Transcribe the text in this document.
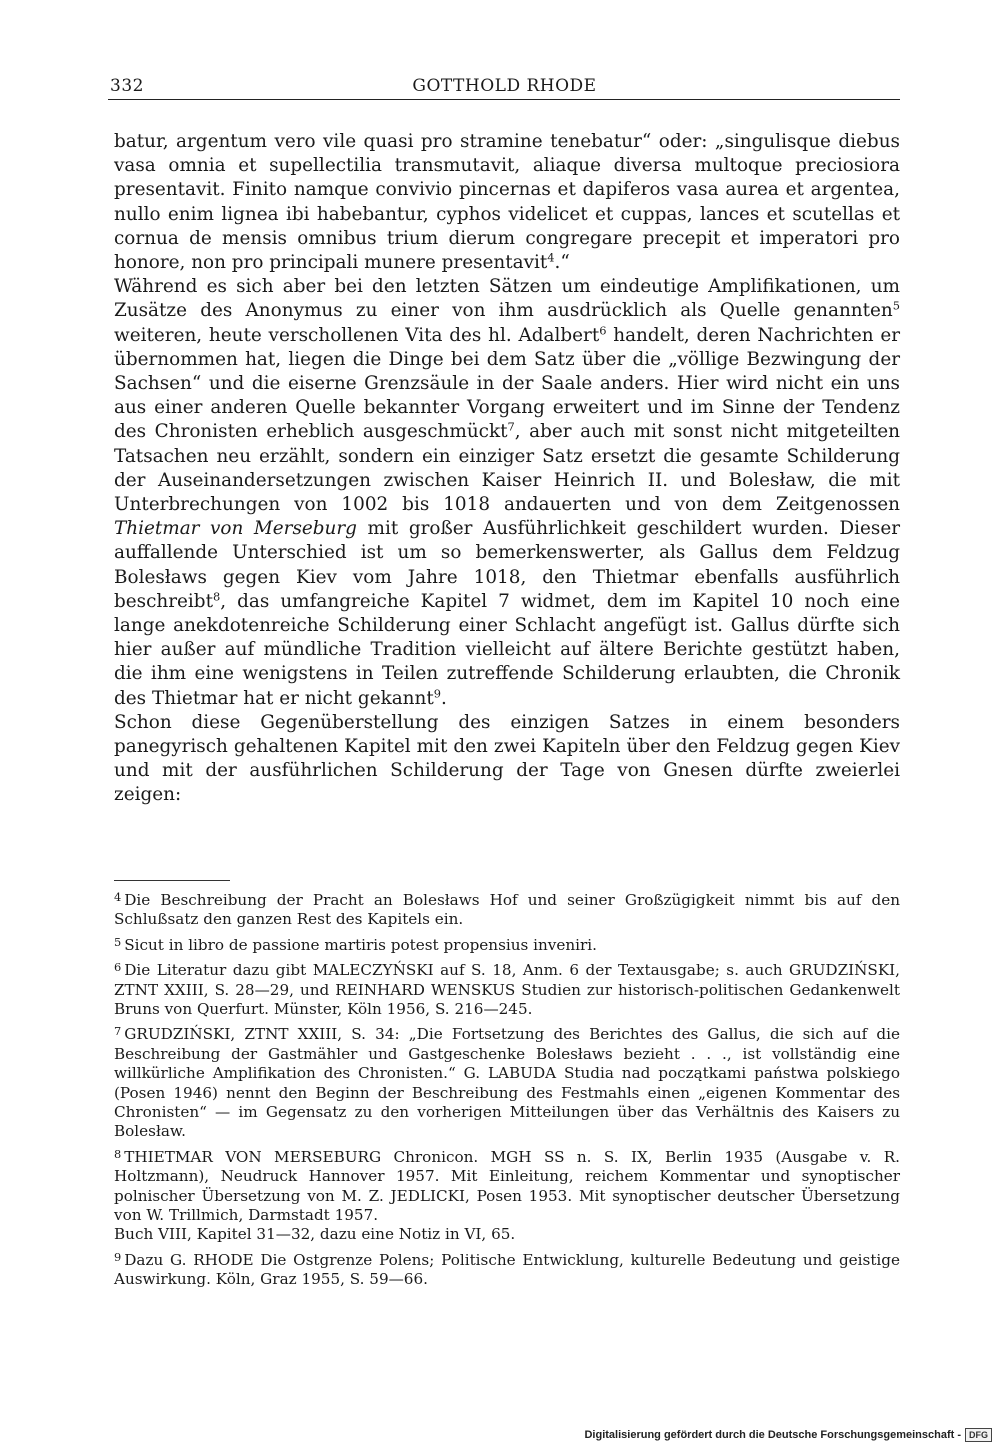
332	GOTTHOLD RHODE

batur, argentum vero vile quasi pro stramine tenebatur“ oder: „singulisque diebus vasa omnia et supellectilia transmutavit, aliaque diversa multoque preciosiora presentavit. Finito namque convivio pincernas et dapiferos vasa aurea et argentea, nullo enim lignea ibi habebantur, cyphos videlicet et cuppas, lances et scutellas et cornua de mensis omnibus trium dierum congregare precepit et imperatori pro honore, non pro principali munere presentavit$^4$.“

Während es sich aber bei den letzten Sätzen um eindeutige Amplifikationen, um Zusätze des Anonymus zu einer von ihm ausdrücklich als Quelle genannten$^5$ weiteren, heute verschollenen Vita des hl. Adalbert$^6$ handelt, deren Nachrichten er übernommen hat, liegen die Dinge bei dem Satz über die „völlige Bezwingung der Sachsen“ und die eiserne Grenzsäule in der Saale anders. Hier wird nicht ein uns aus einer anderen Quelle bekannter Vorgang erweitert und im Sinne der Tendenz des Chronisten erheblich ausgeschmückt$^7$, aber auch mit sonst nicht mitgeteilten Tatsachen neu erzählt, sondern ein einziger Satz ersetzt die gesamte Schilderung der Auseinandersetzungen zwischen Kaiser Heinrich II. und Bolesław, die mit Unterbrechungen von 1002 bis 1018 andauerten und von dem Zeitgenossen Thietmar von Merseburg mit großer Ausführlichkeit geschildert wurden. Dieser auffallende Unterschied ist um so bemerkenswerter, als Gallus dem Feldzug Bolesławs gegen Kiev vom Jahre 1018, den Thietmar ebenfalls ausführlich beschreibt$^8$, das umfangreiche Kapitel 7 widmet, dem im Kapitel 10 noch eine lange anekdotenreiche Schilderung einer Schlacht angefügt ist. Gallus dürfte sich hier außer auf mündliche Tradition vielleicht auf ältere Berichte gestützt haben, die ihm eine wenigstens in Teilen zutreffende Schilderung erlaubten, die Chronik des Thietmar hat er nicht gekannt$^9$.

Schon diese Gegenüberstellung des einzigen Satzes in einem besonders panegyrisch gehaltenen Kapitel mit den zwei Kapiteln über den Feldzug gegen Kiev und mit der ausführlichen Schilderung der Tage von Gnesen dürfte zweierlei zeigen:

$^4$ Die Beschreibung der Pracht an Bolesławs Hof und seiner Großzügigkeit nimmt bis auf den Schlußsatz den ganzen Rest des Kapitels ein.

$^5$ Sicut in libro de passione martiris potest propensius inveniri.

$^6$ Die Literatur dazu gibt MALECZYŃSKI auf S. 18, Anm. 6 der Textausgabe; s. auch GRUDZIŃSKI, ZTNT XXIII, S. 28—29, und REINHARD WENSKUS Studien zur historisch-politischen Gedankenwelt Bruns von Querfurt. Münster, Köln 1956, S. 216—245.

$^7$ GRUDZIŃSKI, ZTNT XXIII, S. 34: „Die Fortsetzung des Berichtes des Gallus, die sich auf die Beschreibung der Gastmähler und Gastgeschenke Bolesławs bezieht . . ., ist vollständig eine willkürliche Amplifikation des Chronisten.“ G. LABUDA Studia nad początkami państwa polskiego (Posen 1946) nennt den Beginn der Beschreibung des Festmahls einen „eigenen Kommentar des Chronisten“ — im Gegensatz zu den vorherigen Mitteilungen über das Verhältnis des Kaisers zu Bolesław.

$^8$ THIETMAR VON MERSEBURG Chronicon. MGH SS n. S. IX, Berlin 1935 (Ausgabe v. R. Holtzmann), Neudruck Hannover 1957. Mit Einleitung, reichem Kommentar und synoptischer polnischer Übersetzung von M. Z. JEDLICKI, Posen 1953. Mit synoptischer deutscher Übersetzung von W. Trillmich, Darmstadt 1957.
Buch VIII, Kapitel 31—32, dazu eine Notiz in VI, 65.

$^9$ Dazu G. RHODE Die Ostgrenze Polens; Politische Entwicklung, kulturelle Bedeutung und geistige Auswirkung. Köln, Graz 1955, S. 59—66.

Digitalisierung gefördert durch die Deutsche Forschungsgemeinschaft - DFG
